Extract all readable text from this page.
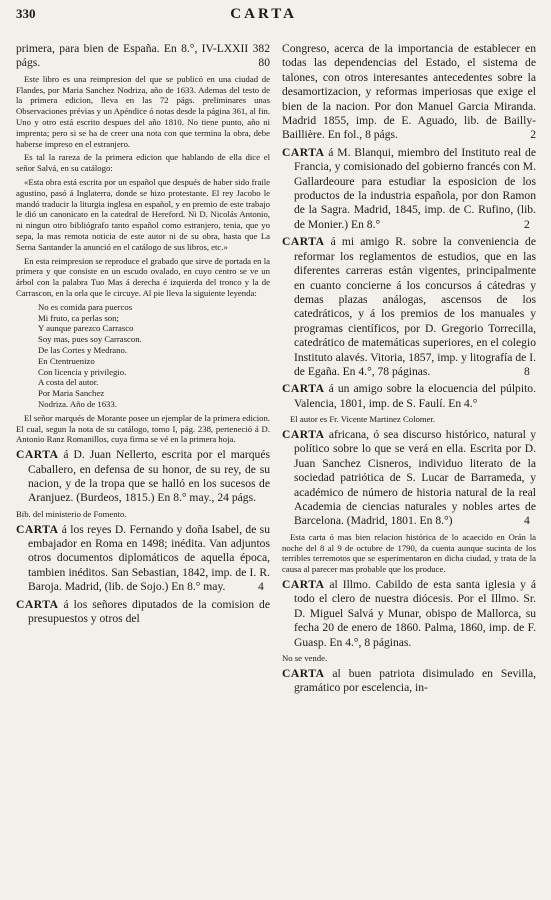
330	CARTA
primera, para bien de España. En 8.°, IV-LXXII 382 págs.	80
Este libro es una reimpresion del que se publicó en una ciudad de Flandes, por Maria Sanchez Nodriza, año de 1633. Ademas del testo de la primera edicion, lleva en las 72 págs. preliminares unas Observaciones prévias y un Apéndice ó notas desde la página 361, al fin. Uno y otro está escrito despues del año 1810. No tiene punto, año ni imprenta; pero si se ha de creer una nota con que termina la obra, debe haberse impreso en el estranjero.
Es tal la rareza de la primera edicion que hablando de ella dice el señor Salvá, en su catálogo:
«Esta obra está escrita por un español que después de haber sido fraile agustino, pasó á Inglaterra, donde se hizo protestante. El rey Jacobo le mandó traducir la liturgia inglesa en español, y en premio de este trabajo le dió un canonicato en la catedral de Hereford. Ni D. Nicolás Antonio, ni ningun otro bibliógrafo tanto español como estranjero, tenia, que yo sepa, la mas remota noticia de este autor ni de su obra, hasta que La Serna Santander la anunció en el catálogo de sus libros, etc.»
En esta reimpresion se reproduce el grabado que sirve de portada en la primera y que consiste en un escudo ovalado, en cuyo centro se ve un árbol con la palabra Tuo Mas á derecha é izquierda del tronco y la de Carrascon, en la orla que le circuye. Al pie lleva la siguiente leyenda:
No es comida para puercos
Mi fruto, ca perlas son;
Y aunque parezco Carrasco
Soy mas, pues soy Carrascon.
De las Cortes y Medrano.
En Ctentruenizo
Con licencia y privilegio.
A costa del autor.
Por Maria Sanchez
Nodriza. Año de 1633.
El señor marqués de Morante posee un ejemplar de la primera edicion. El cual, segun la nota de su catálogo, tomo I, pág. 238, perteneció á D. Antonio Ranz Romanillos, cuya firma se vé en la primera hoja.
CARTA á D. Juan Nellerto, escrita por el marqués Caballero, en defensa de su honor, de su rey, de su nacion, y de la tropa que se halló en los sucesos de Aranjuez. (Burdeos, 1815.) En 8.° may., 24 págs.
Bib. del ministerio de Fomento.
CARTA á los reyes D. Fernando y doña Isabel, de su embajador en Roma en 1498; inédita. Van adjuntos otros documentos diplomáticos de aquella época, tambien inéditos. San Sebastian, 1842, imp. de I. R. Baroja. Madrid, (lib. de Sojo.) En 8.° may.	4
CARTA á los señores diputados de la comision de presupuestos y otros del
Congreso, acerca de la importancia de establecer en todas las dependencias del Estado, el sistema de talones, con otros interesantes antecedentes sobre la desamortizacion, y reformas imperiosas que exige el bien de la nacion. Por don Manuel Garcia Miranda. Madrid 1855, imp. de E. Aguado, lib. de Bailly-Baillière. En fol., 8 págs.	2
CARTA á M. Blanqui, miembro del Instituto real de Francia, y comisionado del gobierno francés con M. Gallardeoure para estudiar la esposicion de los productos de la industria española, por don Ramon de la Sagra. Madrid, 1845, imp. de C. Rufino, (lib. de Monier.) En 8.°	2
CARTA á mi amigo R. sobre la conveniencia de reformar los reglamentos de estudios, que en las diferentes carreras están vigentes, principalmente en cuanto concierne á los concursos á cátedras y demas plazas análogas, ascensos de los catedráticos, y á los premios de los manuales y programas científicos, por D. Gregorio Torrecilla, catedrático de matemáticas superiores, en el colegio Instituto alavés. Vitoria, 1857, imp. y litografía de I. de Egaña. En 4.°, 78 páginas.	8
CARTA á un amigo sobre la elocuencia del púlpito. Valencia, 1801, imp. de S. Faulí. En 4.°
El autor es Fr. Vicente Martinez Colomer.
CARTA africana, ó sea discurso histórico, natural y político sobre lo que se verá en ella. Escrita por D. Juan Sanchez Cisneros, individuo literato de la sociedad patriótica de S. Lucar de Barrameda, y académico de número de historia natural de la real Academia de ciencias naturales y nobles artes de Barcelona. (Madrid, 1801. En 8.°)	4
Esta carta ó mas bien relacion histórica de lo acaecido en Orán la noche del 8 al 9 de octubre de 1790, da cuenta aunque sucinta de los terribles terremotos que se esperimentaron en dicha ciudad, y trata de la causa al parecer mas probable que los produce.
CARTA al Illmo. Cabildo de esta santa iglesia y á todo el clero de nuestra diócesis. Por el Illmo. Sr. D. Miguel Salvá y Munar, obispo de Mallorca, su fecha 20 de enero de 1860. Palma, 1860, imp. de F. Guasp. En 4.°, 8 páginas.
No se vende.
CARTA al buen patriota disimulado en Sevilla, gramático por escelencia, in-
